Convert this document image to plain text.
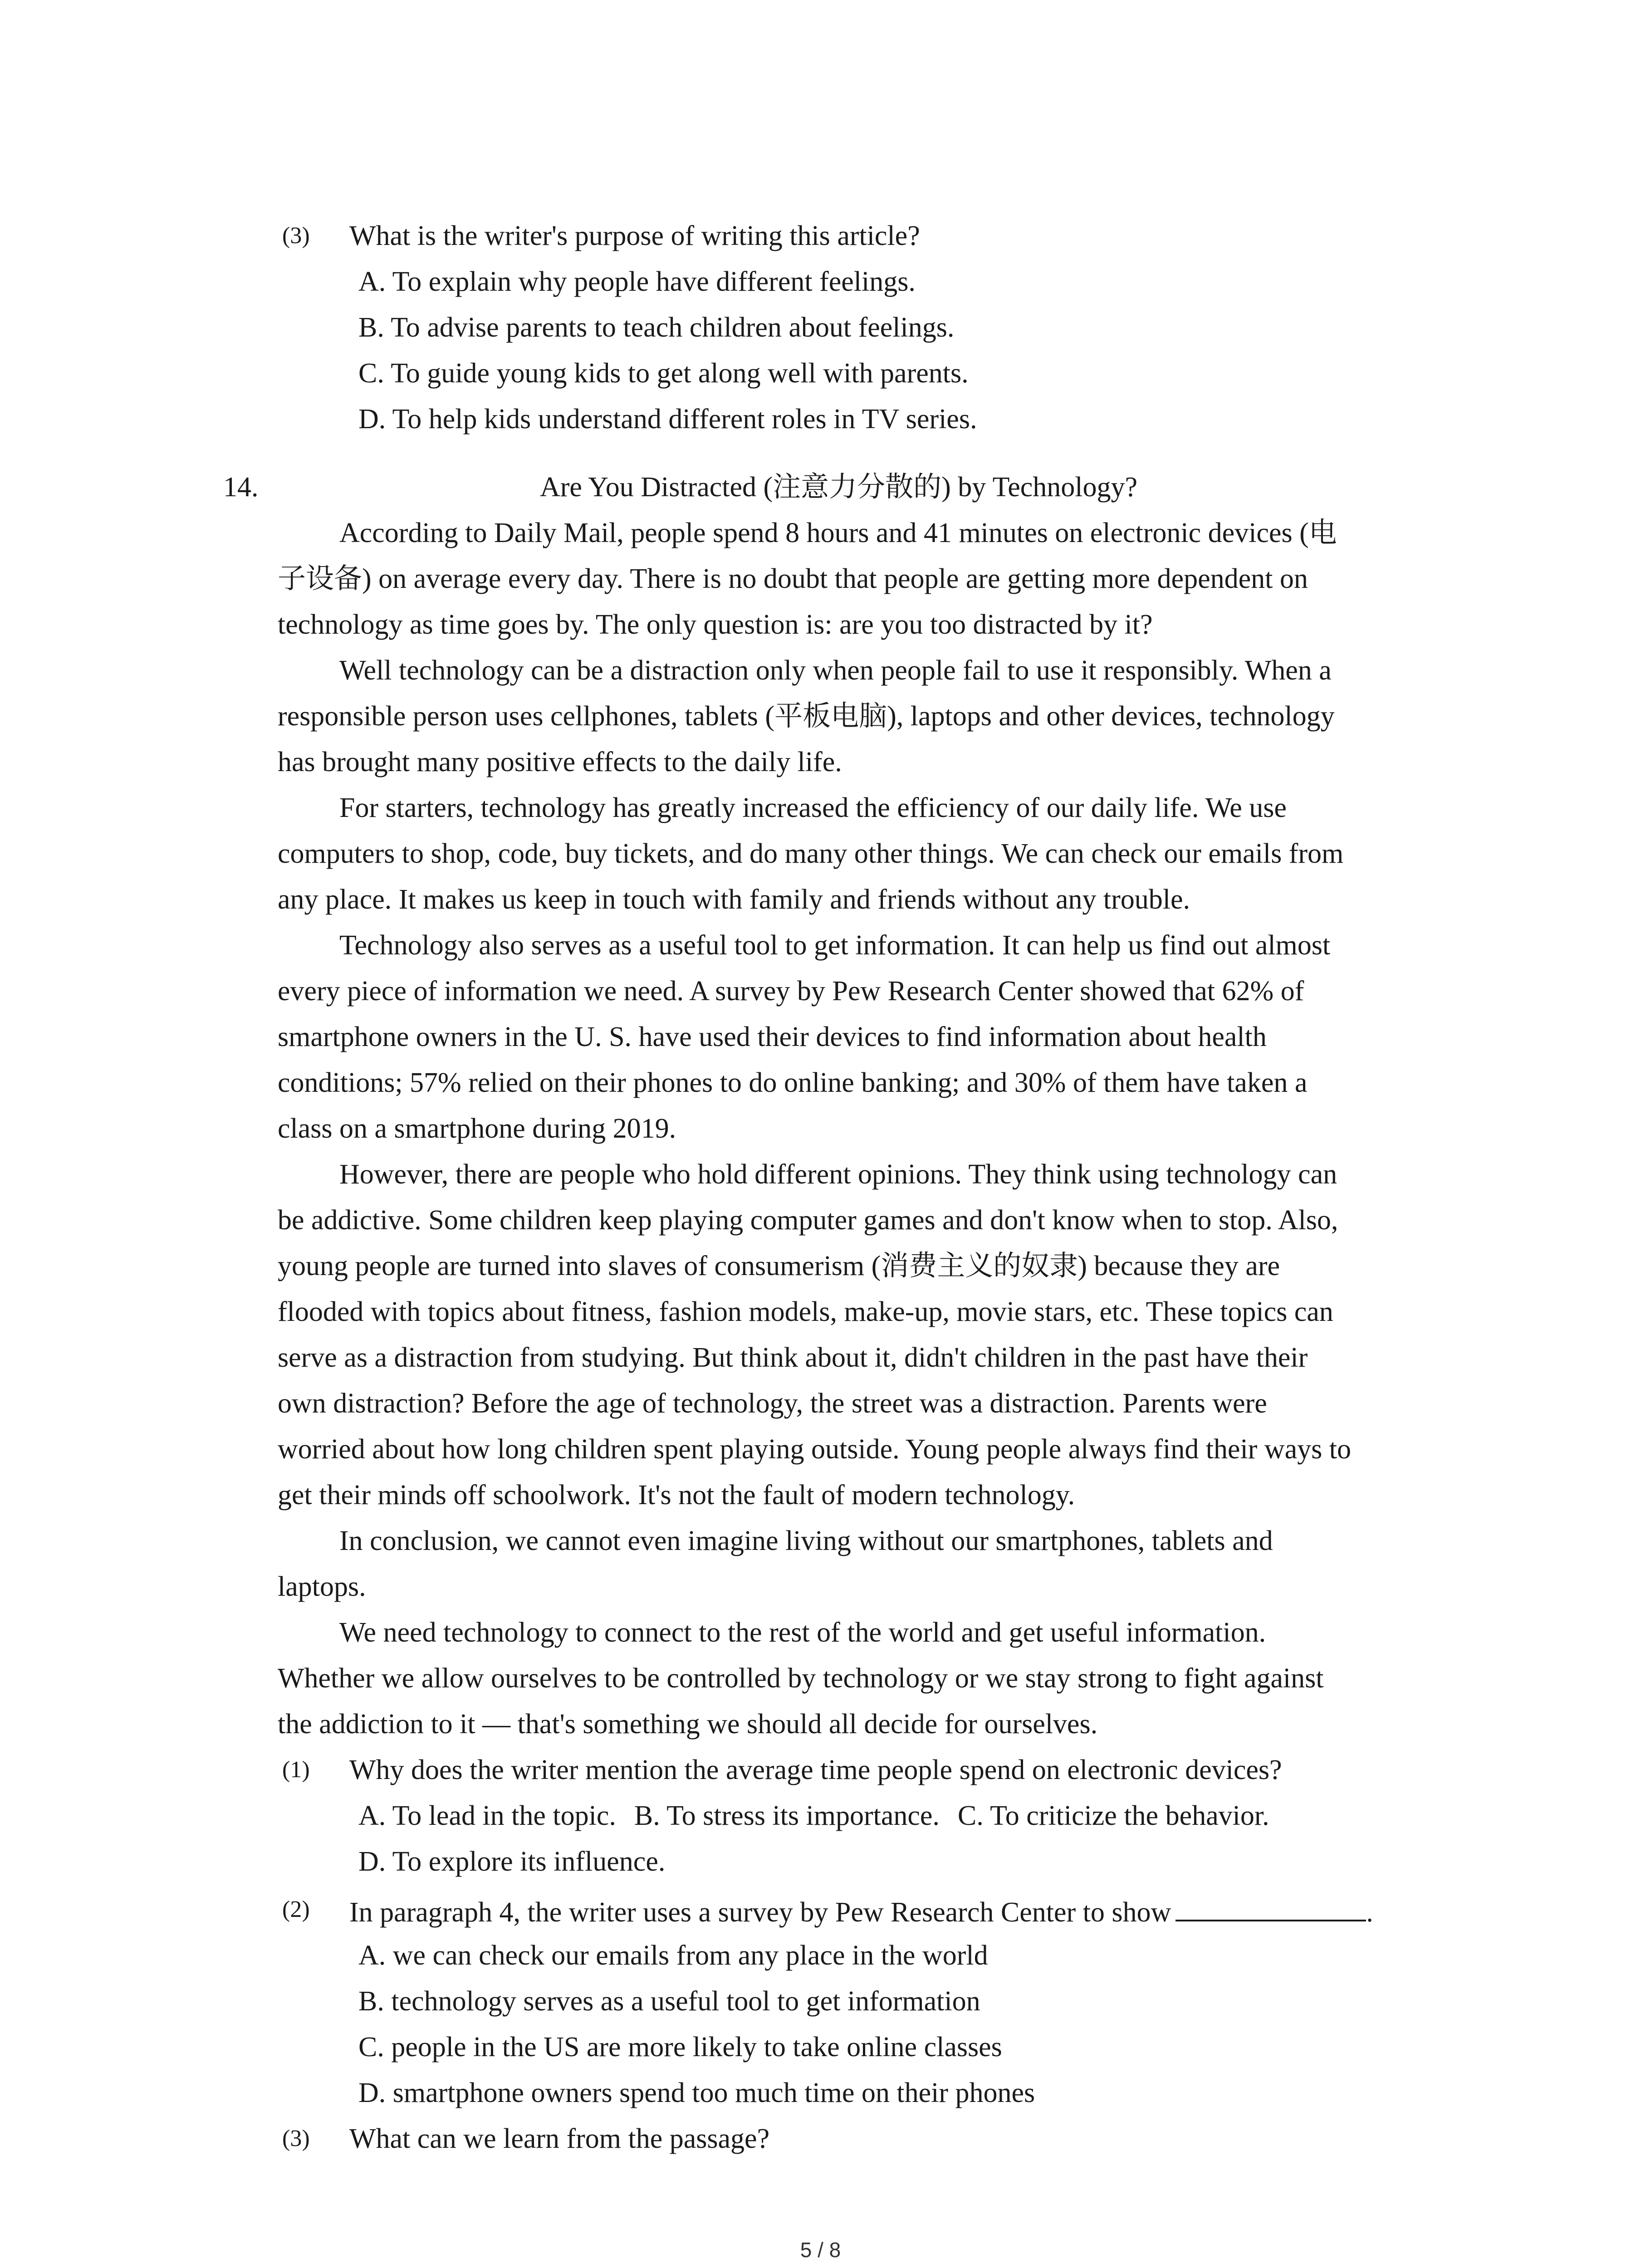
(3) What is the writer's purpose of writing this article?
A. To explain why people have different feelings.
B. To advise parents to teach children about feelings.
C. To guide young kids to get along well with parents.
D. To help kids understand different roles in TV series.
14.	Are You Distracted (注意力分散的) by Technology?
According to Daily Mail, people spend 8 hours and 41 minutes on electronic devices (电
子设备) on average every day. There is no doubt that people are getting more dependent on
technology as time goes by. The only question is: are you too distracted by it?
Well technology can be a distraction only when people fail to use it responsibly. When a
responsible person uses cellphones, tablets (平板电脑), laptops and other devices, technology
has brought many positive effects to the daily life.
For starters, technology has greatly increased the efficiency of our daily life. We use
computers to shop, code, buy tickets, and do many other things. We can check our emails from
any place. It makes us keep in touch with family and friends without any trouble.
Technology also serves as a useful tool to get information. It can help us find out almost
every piece of information we need. A survey by Pew Research Center showed that 62% of
smartphone owners in the U. S. have used their devices to find information about health
conditions; 57% relied on their phones to do online banking; and 30% of them have taken a
class on a smartphone during 2019.
However, there are people who hold different opinions. They think using technology can
be addictive. Some children keep playing computer games and don't know when to stop. Also,
young people are turned into slaves of consumerism (消费主义的奴隶) because they are
flooded with topics about fitness, fashion models, make-up, movie stars, etc. These topics can
serve as a distraction from studying. But think about it, didn't children in the past have their
own distraction? Before the age of technology, the street was a distraction. Parents were
worried about how long children spent playing outside. Young people always find their ways to
get their minds off schoolwork. It's not the fault of modern technology.
In conclusion, we cannot even imagine living without our smartphones, tablets and
laptops.
We need technology to connect to the rest of the world and get useful information.
Whether we allow ourselves to be controlled by technology or we stay strong to fight against
the addiction to it — that's something we should all decide for ourselves.
(1) Why does the writer mention the average time people spend on electronic devices?
A. To lead in the topic. B. To stress its importance. C. To criticize the behavior.
D. To explore its influence.
(2) In paragraph 4, the writer uses a survey by Pew Research Center to show	.
A. we can check our emails from any place in the world
B. technology serves as a useful tool to get information
C. people in the US are more likely to take online classes
D. smartphone owners spend too much time on their phones
(3) What can we learn from the passage?
5 / 8
